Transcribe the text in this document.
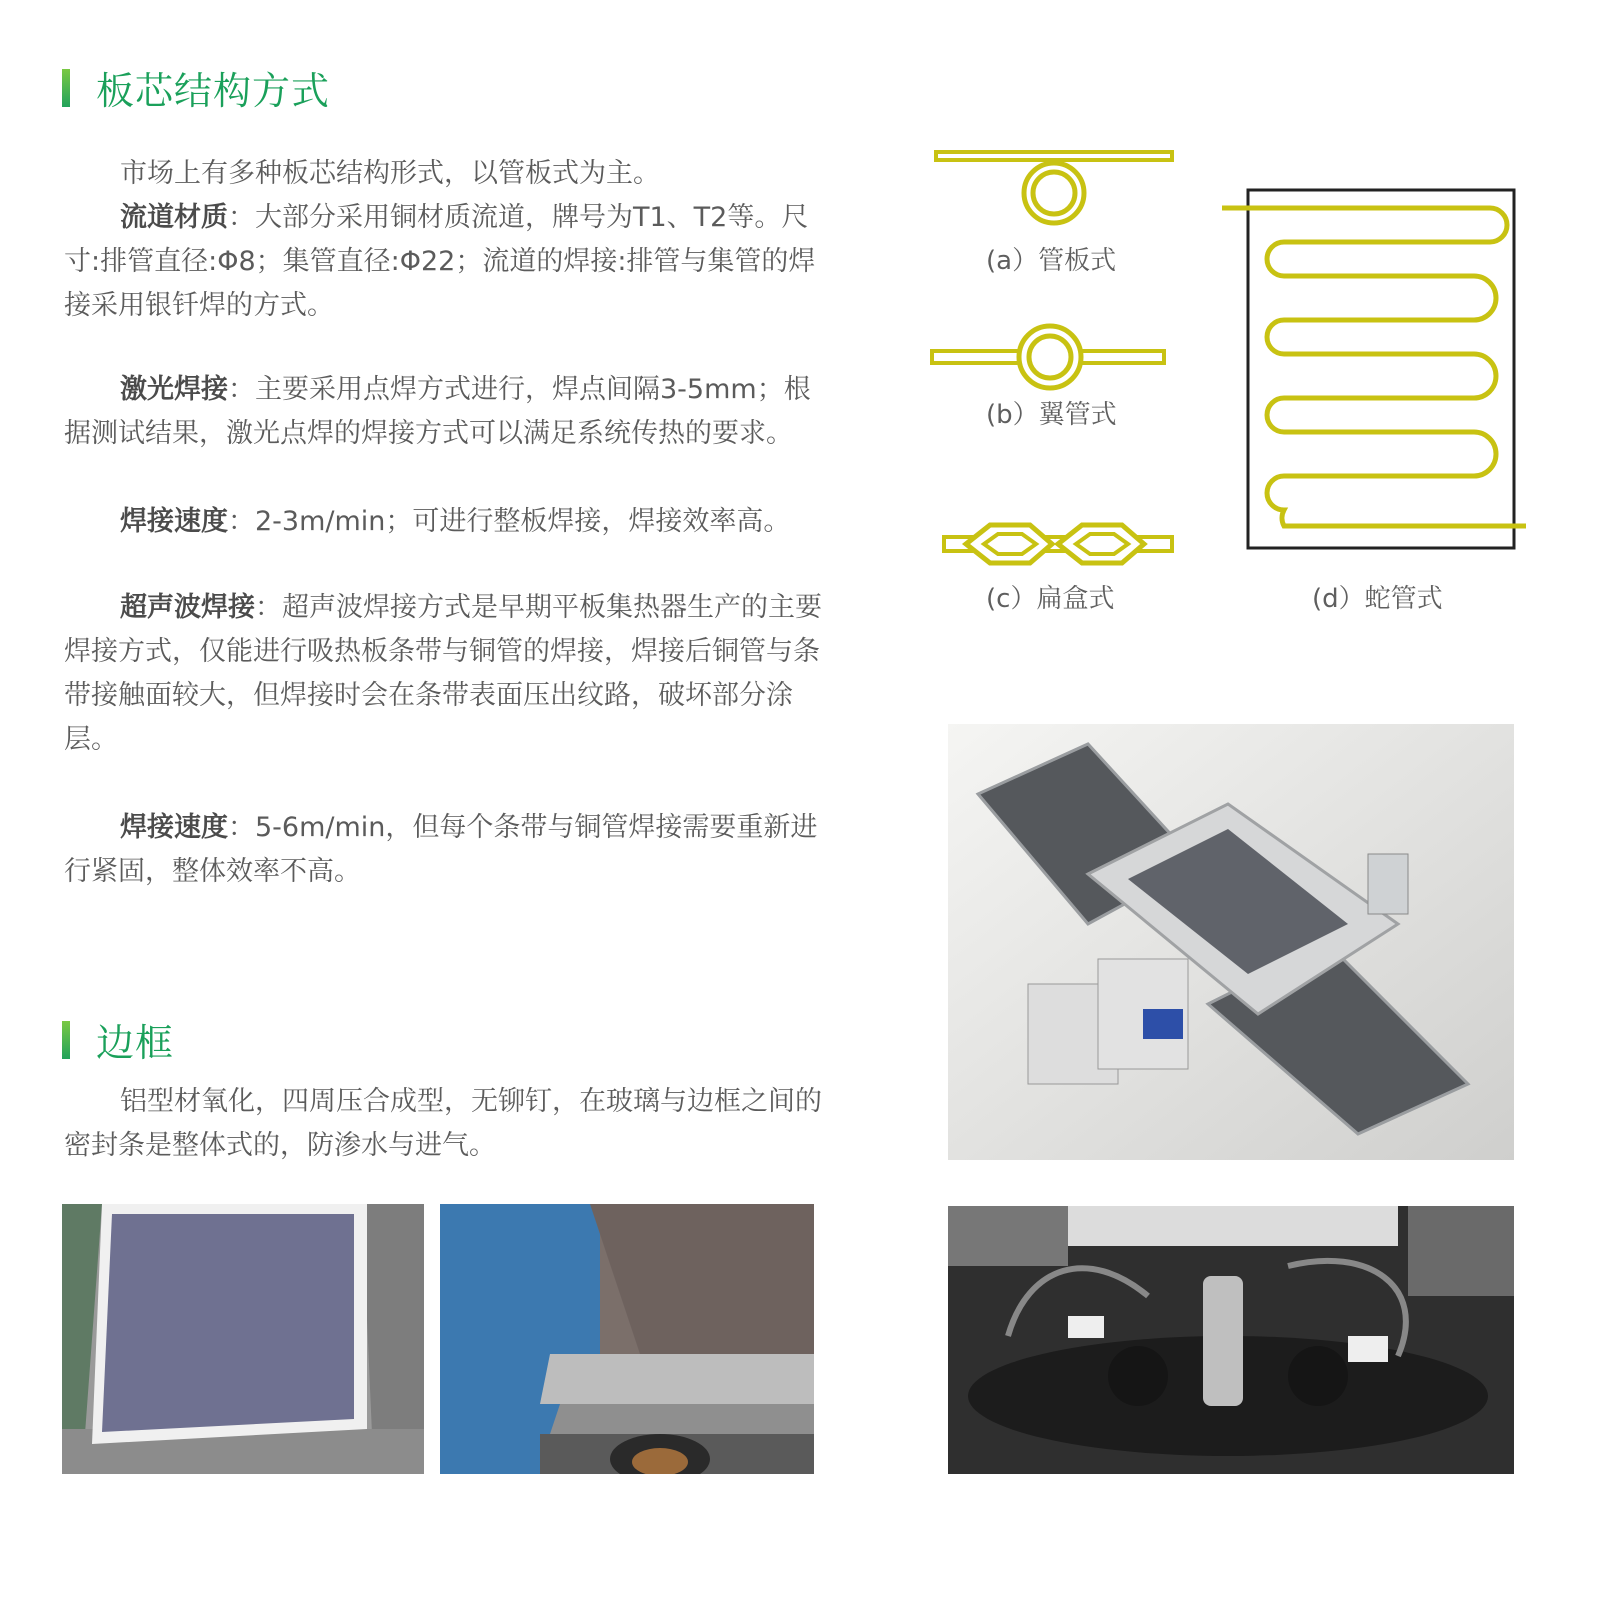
板芯结构方式
市场上有多种板芯结构形式，以管板式为主。
流道材质：大部分采用铜材质流道，牌号为T1、T2等。尺寸:排管直径:Φ8；集管直径:Φ22；流道的焊接:排管与集管的焊接采用银钎焊的方式。
激光焊接：主要采用点焊方式进行，焊点间隔3-5mm；根据测试结果，激光点焊的焊接方式可以满足系统传热的要求。
焊接速度：2-3m/min；可进行整板焊接，焊接效率高。
超声波焊接：超声波焊接方式是早期平板集热器生产的主要焊接方式，仅能进行吸热板条带与铜管的焊接，焊接后铜管与条带接触面较大，但焊接时会在条带表面压出纹路，破坏部分涂层。
焊接速度：5-6m/min，但每个条带与铜管焊接需要重新进行紧固，整体效率不高。
边框
铝型材氧化，四周压合成型，无铆钉，在玻璃与边框之间的密封条是整体式的，防渗水与进气。
(a）管板式
(b）翼管式
(c）扁盒式	(d）蛇管式
